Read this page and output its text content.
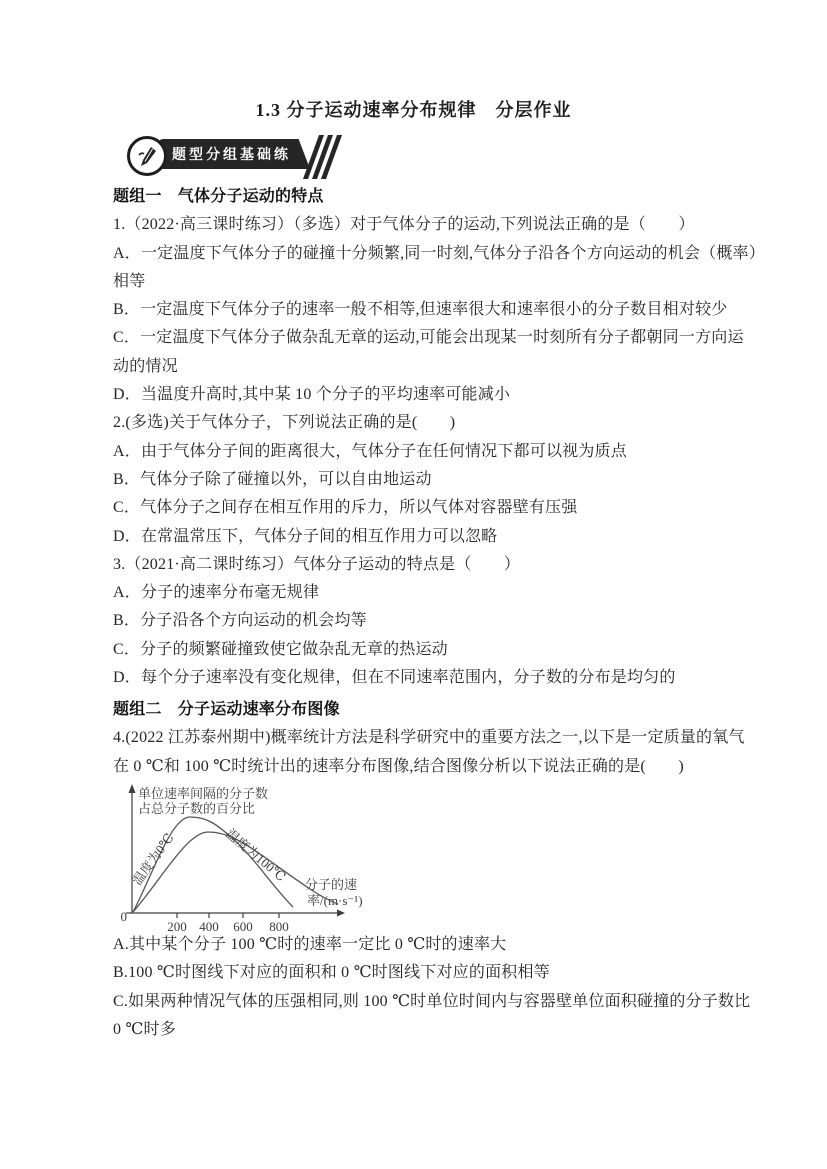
1.3 分子运动速率分布规律　分层作业
题型分组基础练
题组一　气体分子运动的特点
1.（2022·高三课时练习）（多选）对于气体分子的运动,下列说法正确的是（　　）
A．一定温度下气体分子的碰撞十分频繁,同一时刻,气体分子沿各个方向运动的机会（概率）
相等
B．一定温度下气体分子的速率一般不相等,但速率很大和速率很小的分子数目相对较少
C．一定温度下气体分子做杂乱无章的运动,可能会出现某一时刻所有分子都朝同一方向运
动的情况
D．当温度升高时,其中某 10 个分子的平均速率可能减小
2.(多选)关于气体分子，下列说法正确的是(　　)
A．由于气体分子间的距离很大，气体分子在任何情况下都可以视为质点
B．气体分子除了碰撞以外，可以自由地运动
C．气体分子之间存在相互作用的斥力，所以气体对容器壁有压强
D．在常温常压下，气体分子间的相互作用力可以忽略
3.（2021·高二课时练习）气体分子运动的特点是（　　）
A．分子的速率分布毫无规律
B．分子沿各个方向运动的机会均等
C．分子的频繁碰撞致使它做杂乱无章的热运动
D．每个分子速率没有变化规律，但在不同速率范围内，分子数的分布是均匀的
题组二　分子运动速率分布图像
4.(2022 江苏泰州期中)概率统计方法是科学研究中的重要方法之一,以下是一定质量的氧气
在 0 ℃和 100 ℃时统计出的速率分布图像,结合图像分析以下说法正确的是(　　)
0
200 400 600 800
单位速率间隔的分子数
占总分子数的百分比
分子的速
率/(m·s⁻¹)
温度为0℃	温度为100℃
A.其中某个分子 100 ℃时的速率一定比 0 ℃时的速率大
B.100 ℃时图线下对应的面积和 0 ℃时图线下对应的面积相等
C.如果两种情况气体的压强相同,则 100 ℃时单位时间内与容器壁单位面积碰撞的分子数比
0 ℃时多
